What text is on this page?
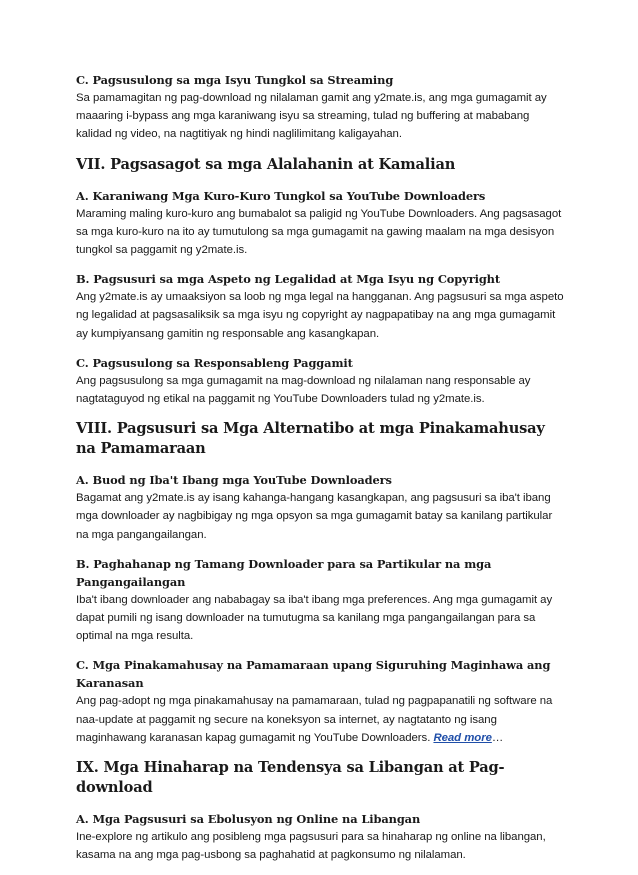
C. Pagsusulong sa mga Isyu Tungkol sa Streaming

Sa pamamagitan ng pag-download ng nilalaman gamit ang y2mate.is, ang mga gumagamit ay maaaring i-bypass ang mga karaniwang isyu sa streaming, tulad ng buffering at mababang kalidad ng video, na nagtitiyak ng hindi naglilimitang kaligayahan.

VII. Pagsasagot sa mga Alalahanin at Kamalian
A. Karaniwang Mga Kuro-Kuro Tungkol sa YouTube Downloaders

Maraming maling kuro-kuro ang bumabalot sa paligid ng YouTube Downloaders. Ang pagsasagot sa mga kuro-kuro na ito ay tumutulong sa mga gumagamit na gawing maalam na mga desisyon tungkol sa paggamit ng y2mate.is.

B. Pagsusuri sa mga Aspeto ng Legalidad at Mga Isyu ng Copyright

Ang y2mate.is ay umaaksiyon sa loob ng mga legal na hangganan. Ang pagsusuri sa mga aspeto ng legalidad at pagsasaliksik sa mga isyu ng copyright ay nagpapatibay na ang mga gumagamit ay kumpiyansang gamitin ng responsable ang kasangkapan.

C. Pagsusulong sa Responsableng Paggamit

Ang pagsusulong sa mga gumagamit na mag-download ng nilalaman nang responsable ay nagtataguyod ng etikal na paggamit ng YouTube Downloaders tulad ng y2mate.is.

VIII. Pagsusuri sa Mga Alternatibo at mga Pinakamahusay na Pamamaraan
A. Buod ng Iba't Ibang mga YouTube Downloaders

Bagamat ang y2mate.is ay isang kahanga-hangang kasangkapan, ang pagsusuri sa iba't ibang mga downloader ay nagbibigay ng mga opsyon sa mga gumagamit batay sa kanilang partikular na mga pangangailangan.

B. Paghahanap ng Tamang Downloader para sa Partikular na mga Pangangailangan

Iba't ibang downloader ang nababagay sa iba't ibang mga preferences. Ang mga gumagamit ay dapat pumili ng isang downloader na tumutugma sa kanilang mga pangangailangan para sa optimal na mga resulta.

C. Mga Pinakamahusay na Pamamaraan upang Siguruhing Maginhawa ang Karanasan

Ang pag-adopt ng mga pinakamahusay na pamamaraan, tulad ng pagpapanatili ng software na naa-update at paggamit ng secure na koneksyon sa internet, ay nagtatanto ng isang maginhawang karanasan kapag gumagamit ng YouTube Downloaders. Read more…

IX. Mga Hinaharap na Tendensya sa Libangan at Pag-download
A. Mga Pagsusuri sa Ebolusyon ng Online na Libangan

Ine-explore ng artikulo ang posibleng mga pagsusuri para sa hinaharap ng online na libangan, kasama na ang mga pag-usbong sa paghahatid at pagkonsumo ng nilalaman.
